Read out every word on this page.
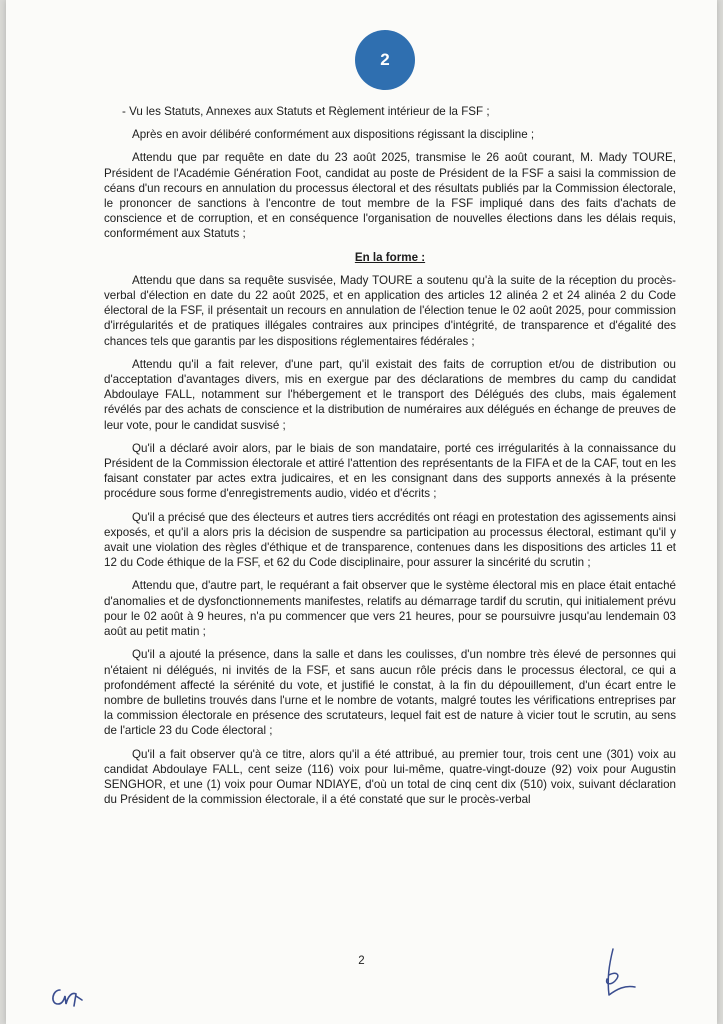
2

- Vu les Statuts, Annexes aux Statuts et Règlement intérieur de la FSF ;

Après en avoir délibéré conformément aux dispositions régissant la discipline ;

Attendu que par requête en date du 23 août 2025, transmise le 26 août courant, M. Mady TOURE, Président de l'Académie Génération Foot, candidat au poste de Président de la FSF a saisi la commission de céans d'un recours en annulation du processus électoral et des résultats publiés par la Commission électorale, le prononcer de sanctions à l'encontre de tout membre de la FSF impliqué dans des faits d'achats de conscience et de corruption, et en conséquence l'organisation de nouvelles élections dans les délais requis, conformément aux Statuts ;

En la forme :

Attendu que dans sa requête susvisée, Mady TOURE a soutenu qu'à la suite de la réception du procès-verbal d'élection en date du 22 août 2025, et en application des articles 12 alinéa 2 et 24 alinéa 2 du Code électoral de la FSF, il présentait un recours en annulation de l'élection tenue le 02 août 2025, pour commission d'irrégularités et de pratiques illégales contraires aux principes d'intégrité, de transparence et d'égalité des chances tels que garantis par les dispositions réglementaires fédérales ;

Attendu qu'il a fait relever, d'une part, qu'il existait des faits de corruption et/ou de distribution ou d'acceptation d'avantages divers, mis en exergue par des déclarations de membres du camp du candidat Abdoulaye FALL, notamment sur l'hébergement et le transport des Délégués des clubs, mais également révélés par des achats de conscience et la distribution de numéraires aux délégués en échange de preuves de leur vote, pour le candidat susvisé ;

Qu'il a déclaré avoir alors, par le biais de son mandataire, porté ces irrégularités à la connaissance du Président de la Commission électorale et attiré l'attention des représentants de la FIFA et de la CAF, tout en les faisant constater par actes extra judicaires, et en les consignant dans des supports annexés à la présente procédure sous forme d'enregistrements audio, vidéo et d'écrits ;

Qu'il a précisé que des électeurs et autres tiers accrédités ont réagi en protestation des agissements ainsi exposés, et qu'il a alors pris la décision de suspendre sa participation au processus électoral, estimant qu'il y avait une violation des règles d'éthique et de transparence, contenues dans les dispositions des articles 11 et 12 du Code éthique de la FSF, et 62 du Code disciplinaire, pour assurer la sincérité du scrutin ;

Attendu que, d'autre part, le requérant a fait observer que le système électoral mis en place était entaché d'anomalies et de dysfonctionnements manifestes, relatifs au démarrage tardif du scrutin, qui initialement prévu pour le 02 août à 9 heures, n'a pu commencer que vers 21 heures, pour se poursuivre jusqu'au lendemain 03 août au petit matin ;

Qu'il a ajouté la présence, dans la salle et dans les coulisses, d'un nombre très élevé de personnes qui n'étaient ni délégués, ni invités de la FSF, et sans aucun rôle précis dans le processus électoral, ce qui a profondément affecté la sérénité du vote, et justifié le constat, à la fin du dépouillement, d'un écart entre le nombre de bulletins trouvés dans l'urne et le nombre de votants, malgré toutes les vérifications entreprises par la commission électorale en présence des scrutateurs, lequel fait est de nature à vicier tout le scrutin, au sens de l'article 23 du Code électoral ;

Qu'il a fait observer qu'à ce titre, alors qu'il a été attribué, au premier tour, trois cent une (301) voix au candidat Abdoulaye FALL, cent seize (116) voix pour lui-même, quatre-vingt-douze (92) voix pour Augustin SENGHOR, et une (1) voix pour Oumar NDIAYE, d'où un total de cinq cent dix (510) voix, suivant déclaration du Président de la commission électorale, il a été constaté que sur le procès-verbal

2
